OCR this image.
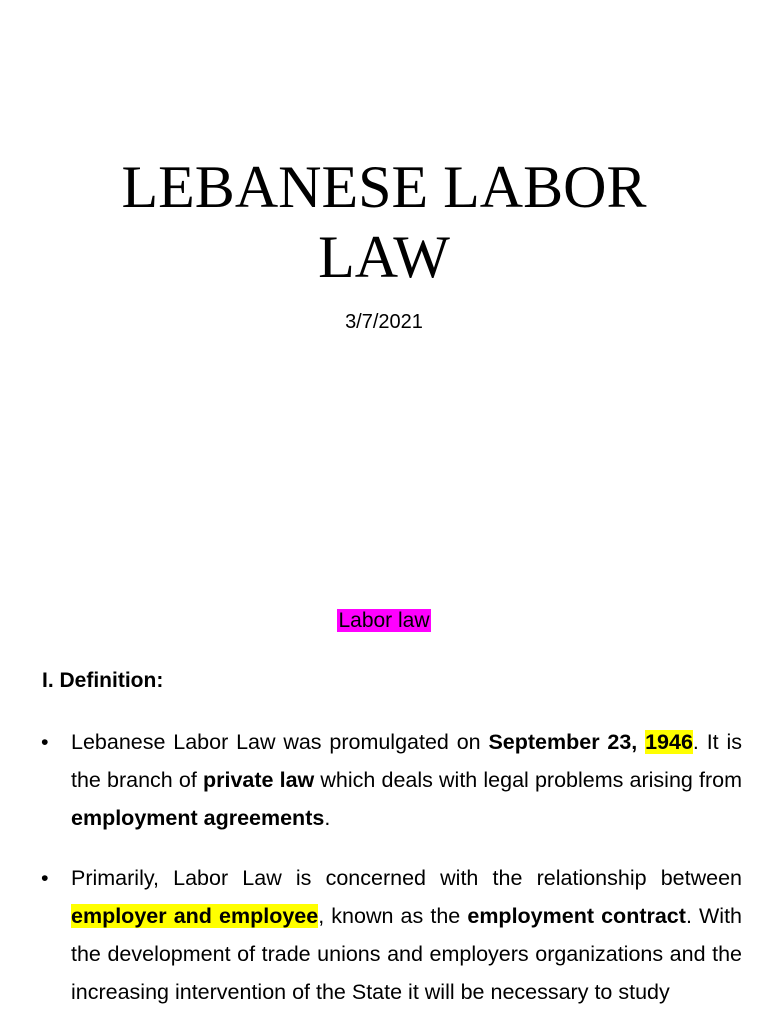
LEBANESE LABOR
LAW
3/7/2021
Labor law
I. Definition:
• Lebanese Labor Law was promulgated on September 23, 1946. It is the branch of private law which deals with legal problems arising from employment agreements.
• Primarily, Labor Law is concerned with the relationship between employer and employee, known as the employment contract. With the development of trade unions and employers organizations and the increasing intervention of the State it will be necessary to study
